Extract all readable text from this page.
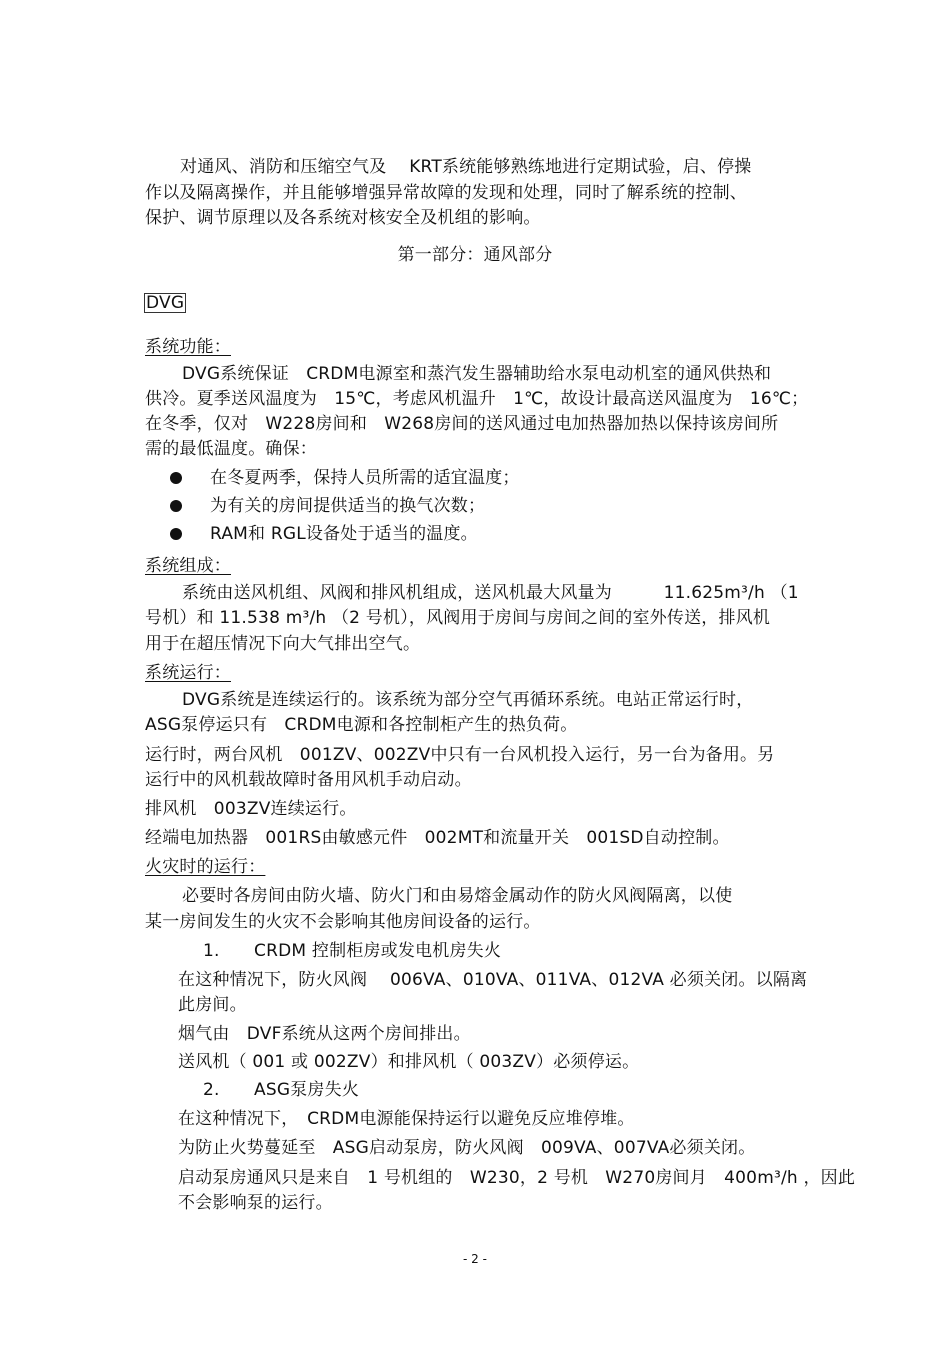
对通风、消防和压缩空气及　 KRT系统能够熟练地进行定期试验，启、停操
作以及隔离操作，并且能够增强异常故障的发现和处理，同时了解系统的控制、
保护、调节原理以及各系统对核安全及机组的影响。
第一部分：通风部分
DVG
系统功能：
DVG系统保证　CRDM电源室和蒸汽发生器辅助给水泵电动机室的通风供热和
供冷。夏季送风温度为　15℃，考虑风机温升　1℃，故设计最高送风温度为　16℃；
在冬季，仅对　W228房间和　W268房间的送风通过电加热器加热以保持该房间所
需的最低温度。确保：
在冬夏两季，保持人员所需的适宜温度；
为有关的房间提供适当的换气次数；
RAM和 RGL设备处于适当的温度。
系统组成：
系统由送风机组、风阀和排风机组成，送风机最大风量为　　　11.625m³/h （1
号机）和 11.538 m³/h （2 号机），风阀用于房间与房间之间的室外传送，排风机
用于在超压情况下向大气排出空气。
系统运行：
DVG系统是连续运行的。该系统为部分空气再循环系统。电站正常运行时，
ASG泵停运只有　CRDM电源和各控制柜产生的热负荷。
运行时，两台风机　001ZV、002ZV中只有一台风机投入运行，另一台为备用。另
运行中的风机载故障时备用风机手动启动。
排风机　003ZV连续运行。
经端电加热器　001RS由敏感元件　002MT和流量开关　001SD自动控制。
火灾时的运行：
必要时各房间由防火墙、防火门和由易熔金属动作的防火风阀隔离，以使
某一房间发生的火灾不会影响其他房间设备的运行。
1.　　CRDM 控制柜房或发电机房失火
在这种情况下，防火风阀　 006VA、010VA、011VA、012VA 必须关闭。以隔离
此房间。
烟气由　DVF系统从这两个房间排出。
送风机（ 001 或 002ZV）和排风机（ 003ZV）必须停运。
2.　　ASG泵房失火
在这种情况下，　CRDM电源能保持运行以避免反应堆停堆。
为防止火势蔓延至　ASG启动泵房，防火风阀　009VA、007VA必须关闭。
启动泵房通风只是来自　1 号机组的　W230，2 号机　W270房间月　400m³/h ，因此
不会影响泵的运行。
- 2 -
